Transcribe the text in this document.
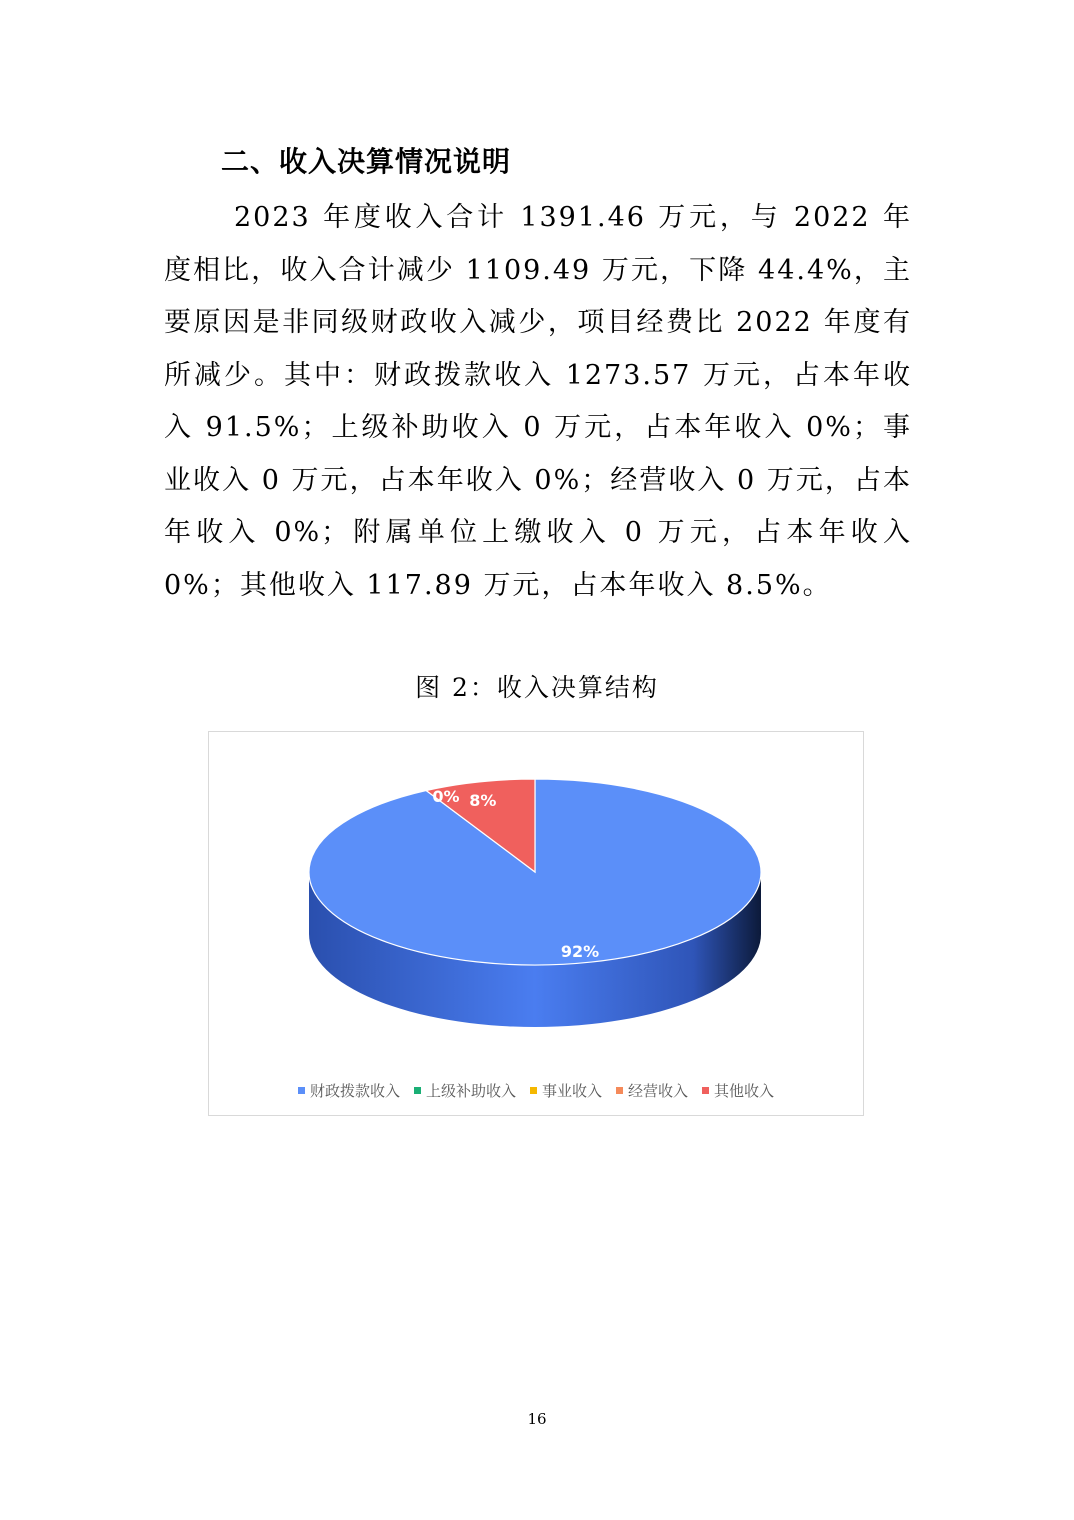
二、收入决算情况说明

2023 年度收入合计 1391.46 万元，与 2022 年度相比，收入合计减少 1109.49 万元，下降 44.4%，主要原因是非同级财政收入减少，项目经费比 2022 年度有所减少。其中：财政拨款收入 1273.57 万元，占本年收入 91.5%；上级补助收入 0 万元，占本年收入 0%；事业收入 0 万元，占本年收入 0%；经营收入 0 万元，占本年收入 0%；附属单位上缴收入 0 万元，占本年收入 0%；其他收入 117.89 万元，占本年收入 8.5%。

图 2：收入决算结构

92%
0% 8%
财政拨款收入 上级补助收入 事业收入 经营收入 其他收入

16
